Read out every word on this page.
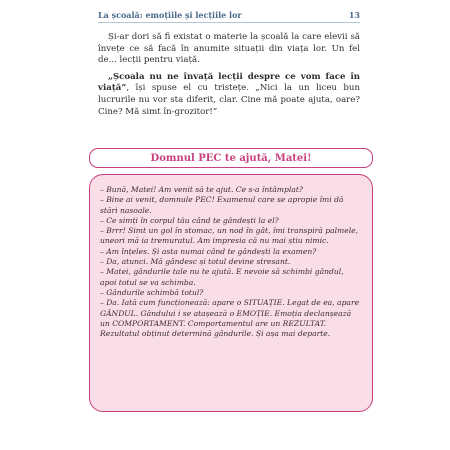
La școală: emoțiile și lecțiile lor	13

Și-ar dori să fi existat o materie la școală la care elevii să învețe ce să facă în anumite situații din viața lor. Un fel de... lecții pentru viață.

„Școala nu ne învață lecții despre ce vom face în viață”, își spuse el cu tristețe. „Nici la un liceu bun lucrurile nu vor sta diferit, clar. Cine mă poate ajuta, oare? Cine? Mă simt în-grozitor!”

Domnul PEC te ajută, Matei!
– Bună, Matei! Am venit să te ajut. Ce s-a întâmplat?
– Bine ai venit, domnule PEC! Examenul care se apropie îmi dă stări nasoale.
– Ce simți în corpul tău când te gândești la el?
– Brrr! Simt un gol în stomac, un nod în gât, îmi transpiră palmele, uneori mă ia tremuratul. Am impresia că nu mai știu nimic.
– Am înțeles. Și asta numai când te gândești la examen?
– Da, atunci. Mă gândesc și totul devine stresant.
– Matei, gândurile tale nu te ajută. E nevoie să schimbi gândul, apoi totul se va schimba.
– Gândurile schimbă totul?
– Da. Iată cum funcționează: apare o SITUAȚIE. Legat de ea, apare GÂNDUL. Gândului i se atașează o EMOȚIE. Emoția declanșează un COMPORTAMENT. Comportamentul are un REZULTAT. Rezultatul obținut determină gândurile. Și așa mai departe.
